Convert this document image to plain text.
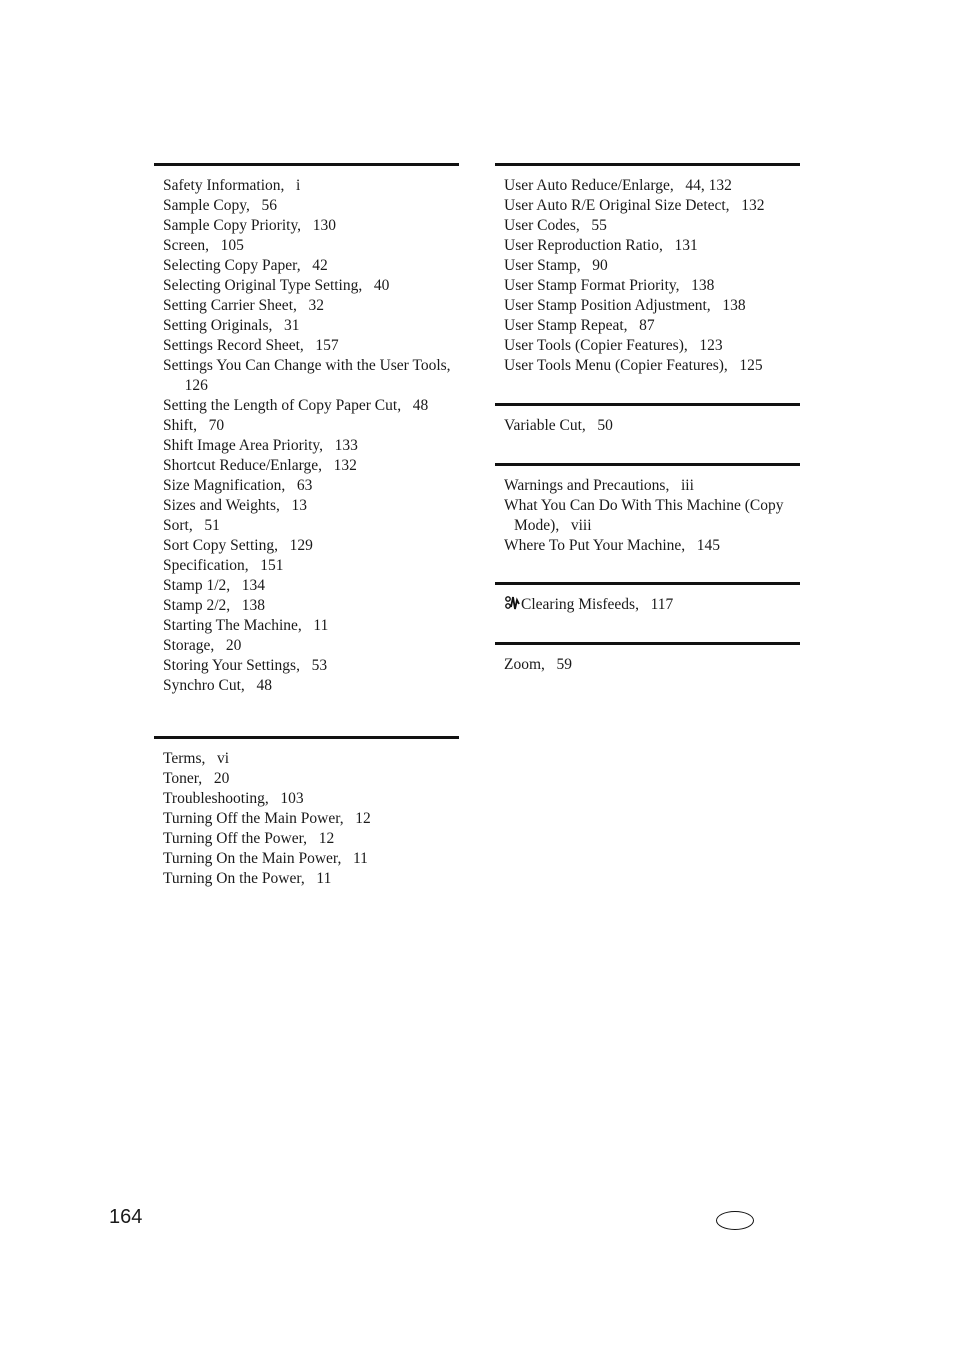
Safety Information, i
Sample Copy, 56
Sample Copy Priority, 130
Screen, 105
Selecting Copy Paper, 42
Selecting Original Type Setting, 40
Setting Carrier Sheet, 32
Setting Originals, 31
Settings Record Sheet, 157
Settings You Can Change with the User Tools,   126
Setting the Length of Copy Paper Cut, 48
Shift, 70
Shift Image Area Priority, 133
Shortcut Reduce/Enlarge, 132
Size Magnification, 63
Sizes and Weights, 13
Sort, 51
Sort Copy Setting, 129
Specification, 151
Stamp 1/2, 134
Stamp 2/2, 138
Starting The Machine, 11
Storage, 20
Storing Your Settings, 53
Synchro Cut, 48
Terms, vi
Toner, 20
Troubleshooting, 103
Turning Off the Main Power, 12
Turning Off the Power, 12
Turning On the Main Power, 11
Turning On the Power, 11
User Auto Reduce/Enlarge, 44, 132
User Auto R/E Original Size Detect, 132
User Codes, 55
User Reproduction Ratio, 131
User Stamp, 90
User Stamp Format Priority, 138
User Stamp Position Adjustment, 138
User Stamp Repeat, 87
User Tools (Copier Features), 123
User Tools Menu (Copier Features), 125
Variable Cut, 50
Warnings and Precautions, iii
What You Can Do With This Machine (Copy Mode), viii
Where To Put Your Machine, 145
Clearing Misfeeds, 117
Zoom, 59
164
